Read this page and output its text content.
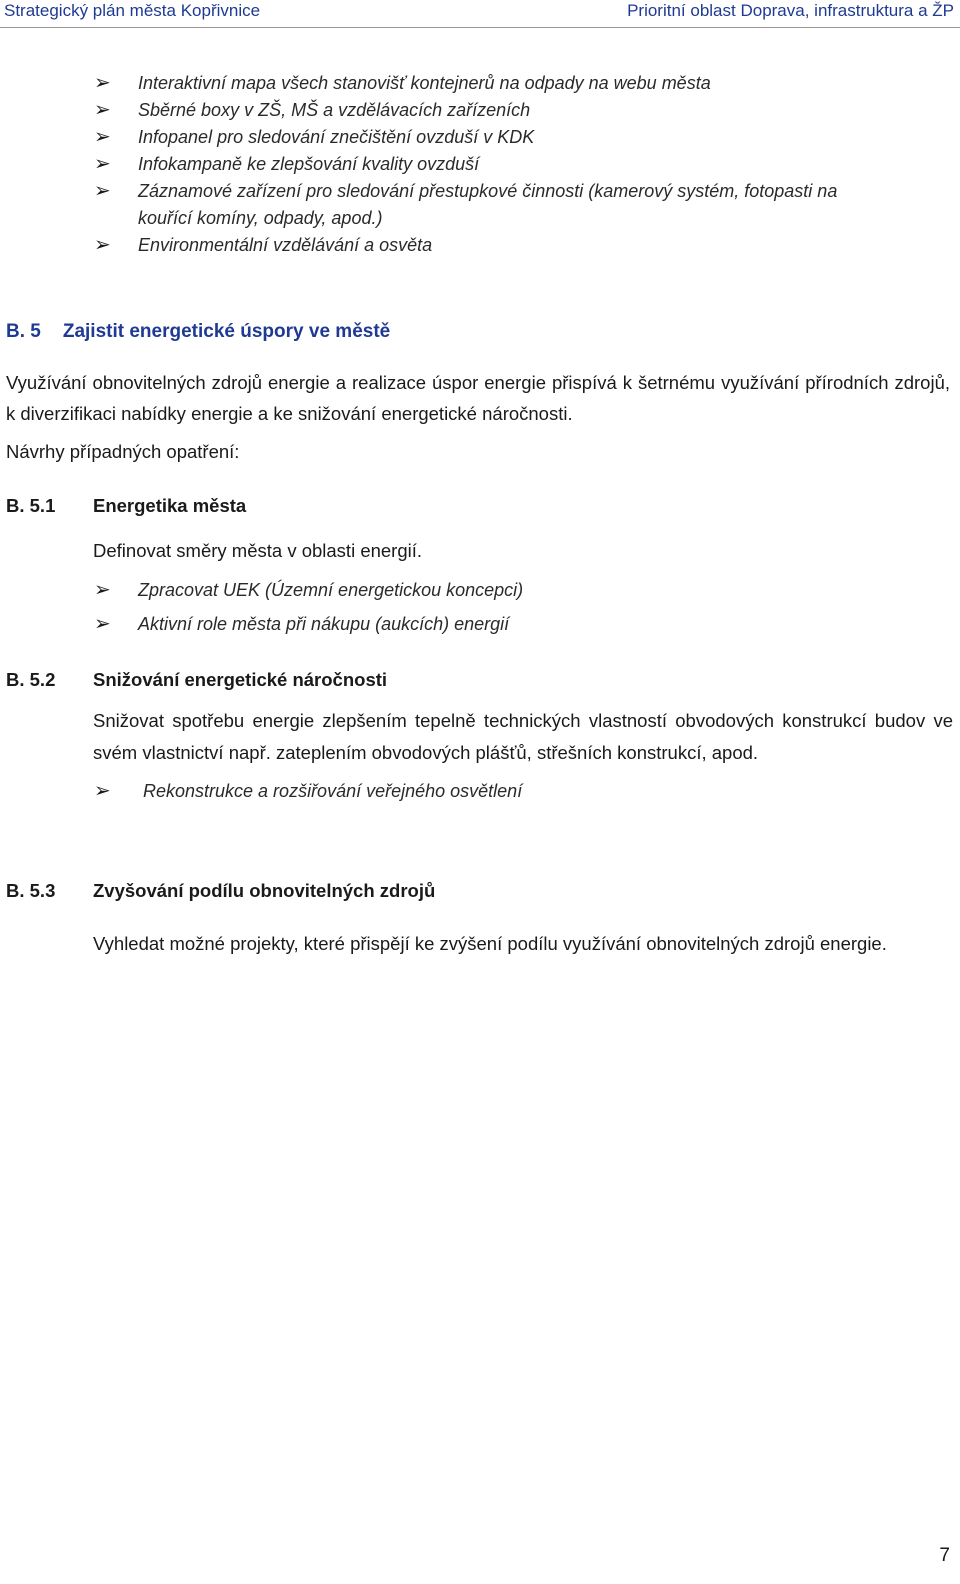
Strategický plán města Kopřivnice	Prioritní oblast Doprava, infrastruktura a ŽP
➢ Interaktivní mapa všech stanovišť kontejnerů na odpady na webu města
➢ Sběrné boxy v ZŠ, MŠ a vzdělávacích zařízeních
➢ Infopanel pro sledování znečištění ovzduší v KDK
➢ Infokampaně ke zlepšování kvality ovzduší
➢ Záznamové zařízení pro sledování přestupkové činnosti (kamerový systém, fotopasti na
kouřící komíny, odpady, apod.)
➢ Environmentální vzdělávání a osvěta
B. 5 Zajistit energetické úspory ve městě
Využívání obnovitelných zdrojů energie a realizace úspor energie přispívá k šetrnému využívání přírodních zdrojů, k diverzifikaci nabídky energie a ke snižování energetické náročnosti.
Návrhy případných opatření:
B. 5.1 Energetika města
Definovat směry města v oblasti energií.
➢ Zpracovat UEK (Územní energetickou koncepci)
➢ Aktivní role města při nákupu (aukcích) energií
B. 5.2 Snižování energetické náročnosti
Snižovat spotřebu energie zlepšením tepelně technických vlastností obvodových konstrukcí budov ve svém vlastnictví např. zateplením obvodových plášťů, střešních konstrukcí, apod.
➢ Rekonstrukce a rozšiřování veřejného osvětlení
B. 5.3 Zvyšování podílu obnovitelných zdrojů
Vyhledat možné projekty, které přispějí ke zvýšení podílu využívání obnovitelných zdrojů energie.
7
